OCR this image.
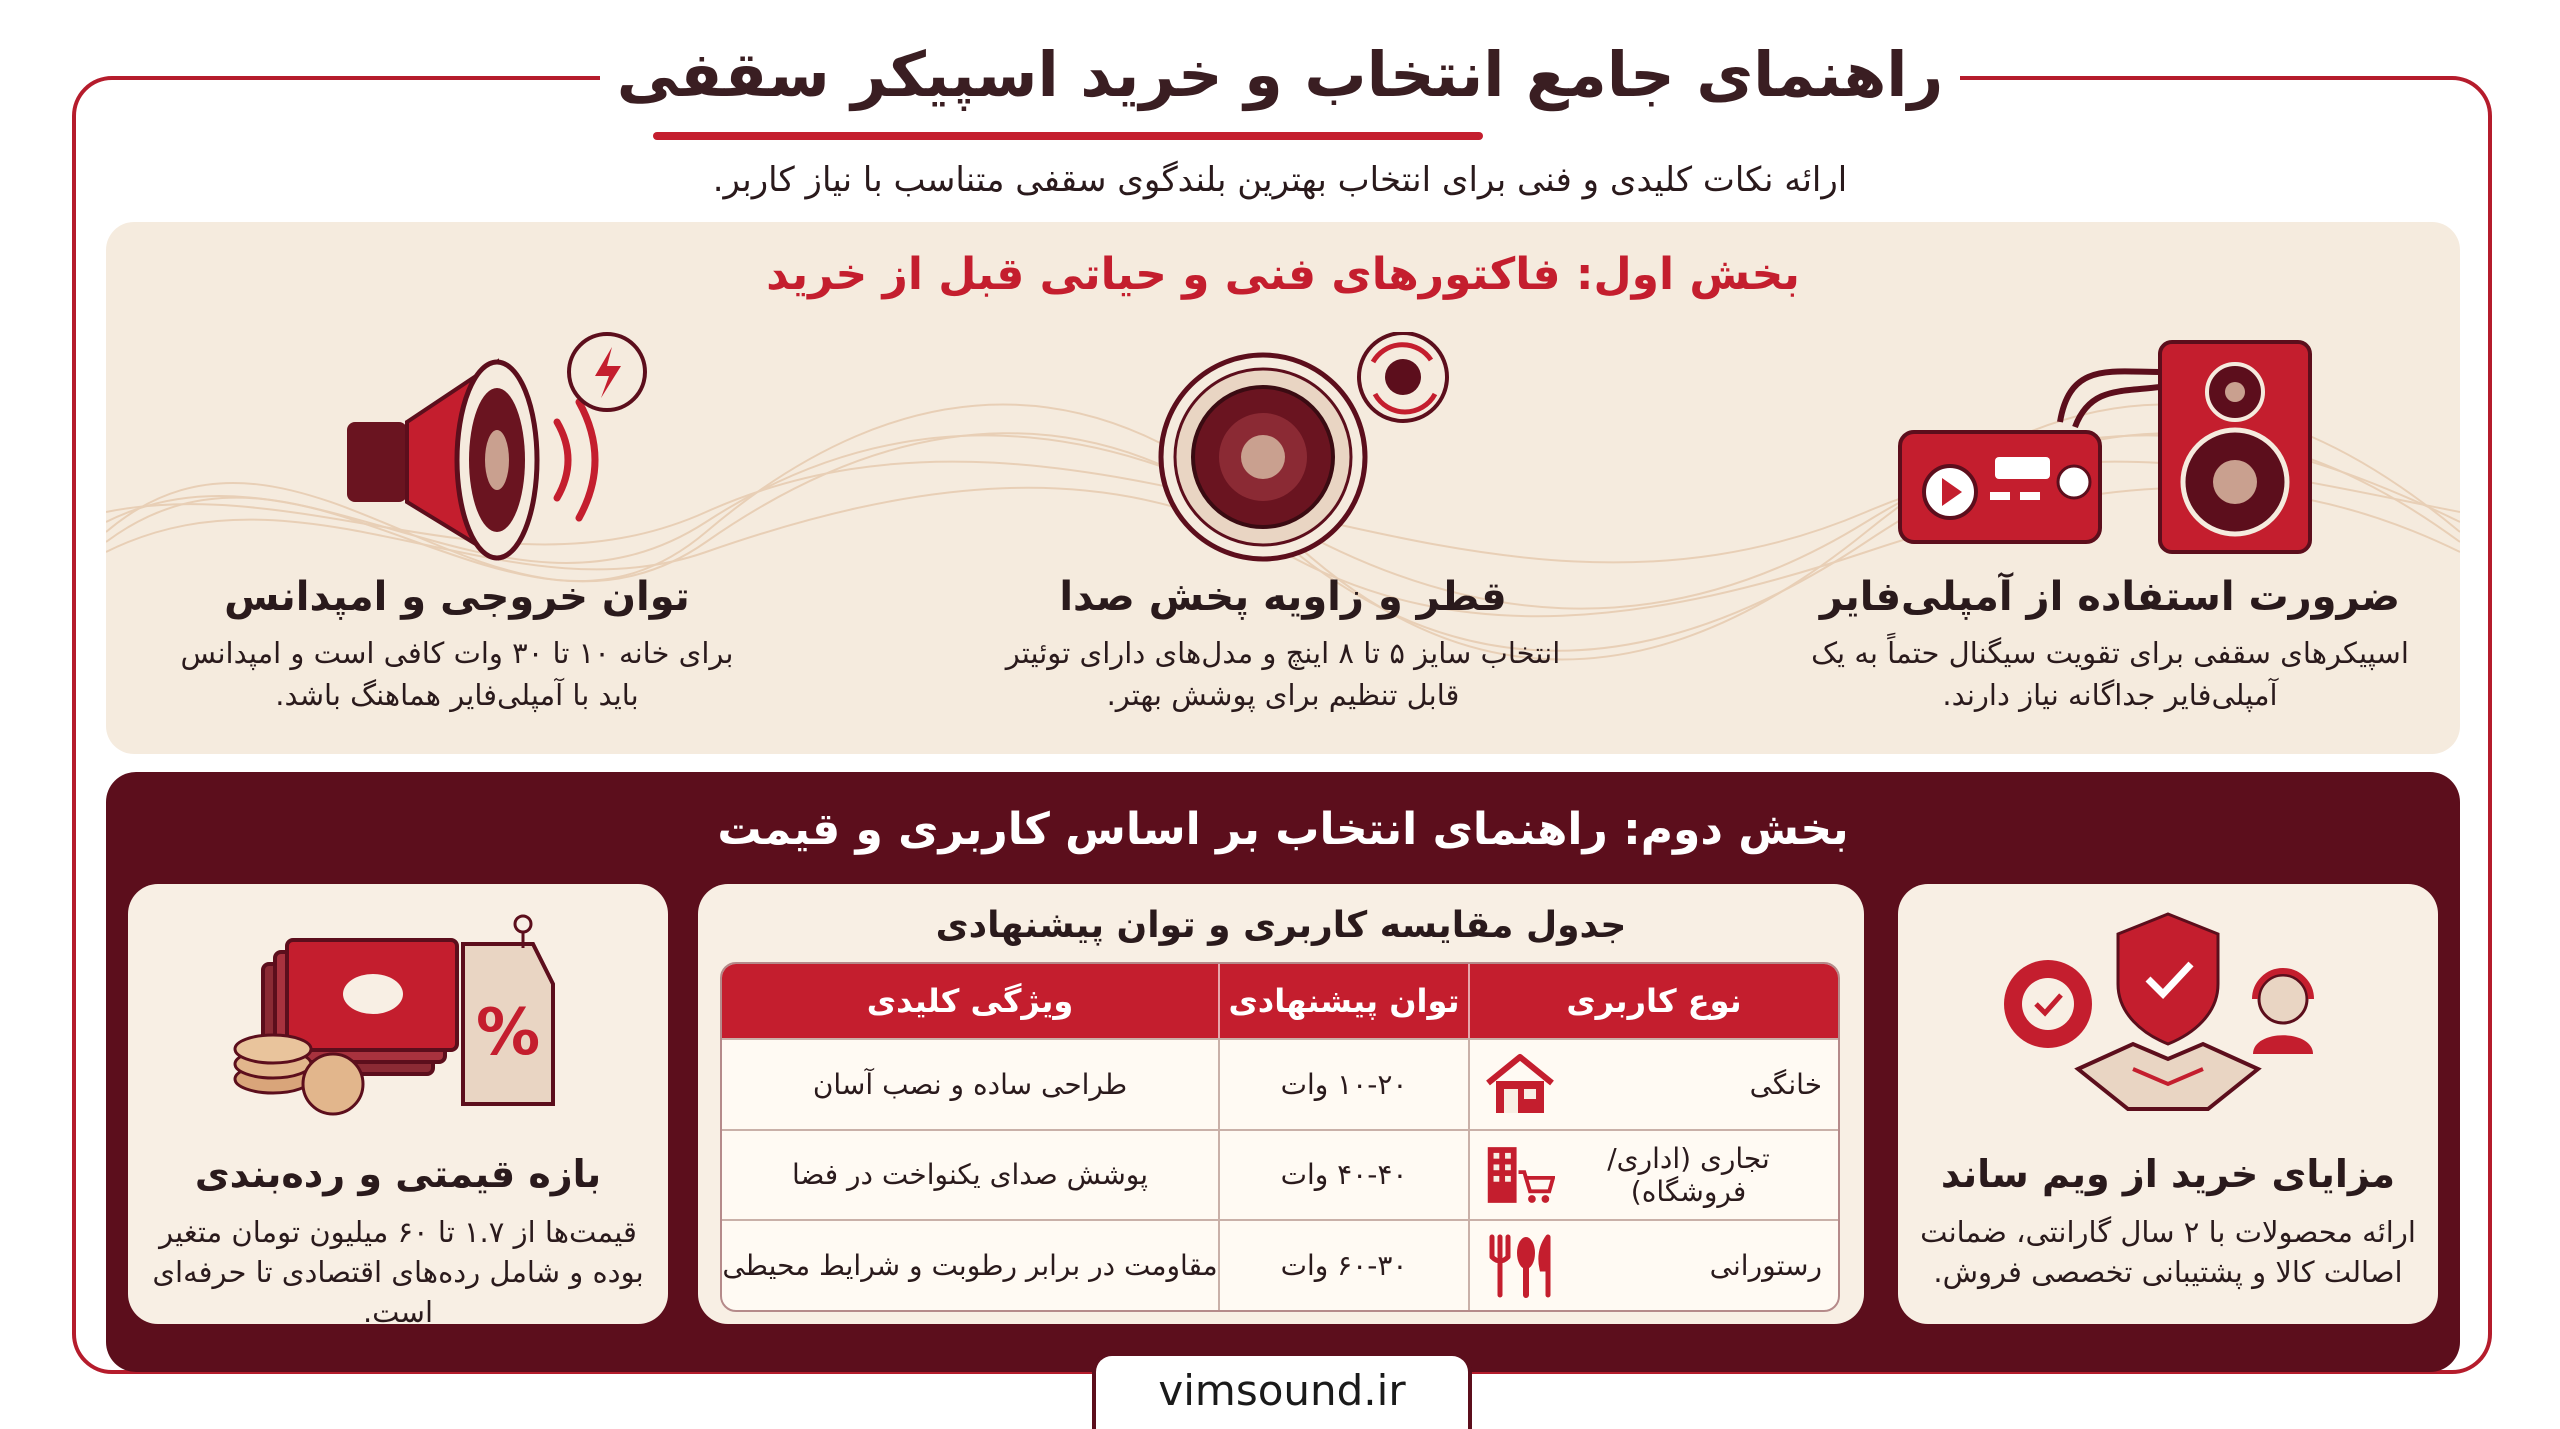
راهنمای جامع انتخاب و خرید اسپیکر سقفی

ارائه نکات کلیدی و فنی برای انتخاب بهترین بلندگوی سقفی متناسب با نیاز کاربر.

بخش اول: فاکتورهای فنی و حیاتی قبل از خرید
ضرورت استفاده از آمپلی‌فایر

اسپیکرهای سقفی برای تقویت سیگنال حتماً به یک آمپلی‌فایر جداگانه نیاز دارند.

قطر و زاویه پخش صدا

انتخاب سایز ۵ تا ۸ اینچ و مدل‌های دارای توئیتر قابل تنظیم برای پوشش بهتر.

توان خروجی و امپدانس

برای خانه ۱۰ تا ۳۰ وات کافی است و امپدانس باید با آمپلی‌فایر هماهنگ باشد.

بخش دوم: راهنمای انتخاب بر اساس کاربری و قیمت
مزایای خرید از ویم ساند

ارائه محصولات با ۲ سال گارانتی، ضمانت اصالت کالا و پشتیبانی تخصصی فروش.

جدول مقایسه کاربری و توان پیشنهادی
نوع کاربری	توان پیشنهادی	ویژگی کلیدی

خانگی	۱۰-۲۰ وات	طراحی ساده و نصب آسان

تجاری (اداری/فروشگاه)	۴۰-۴۰ وات	پوشش صدای یکنواخت در فضا

رستورانی	۶۰-۳۰ وات	مقاومت در برابر رطوبت و شرایط محیطی
%
بازه قیمتی و رده‌بندی

قیمت‌ها از ۱.۷ تا ۶۰ میلیون تومان متغیر بوده و شامل رده‌های اقتصادی تا حرفه‌ای است.

vimsound.ir
